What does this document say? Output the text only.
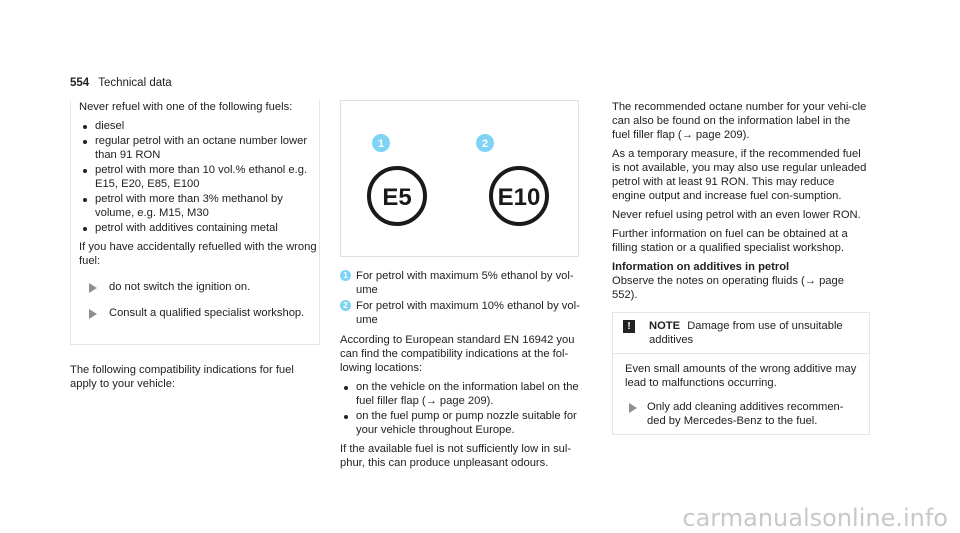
554 Technical data

Never refuel with one of the following fuels:

diesel
regular petrol with an octane number lower than 91 RON
petrol with more than 10 vol.% ethanol e.g. E15, E20, E85, E100
petrol with more than 3% methanol by volume, e.g. M15, M30
petrol with additives containing metal

If you have accidentally refuelled with the wrong fuel:

do not switch the ignition on.
Consult a qualified specialist workshop.

The following compatibility indications for fuel apply to your vehicle:

E5	E10
1	2
1 For petrol with maximum 5% ethanol by vol-ume
2 For petrol with maximum 10% ethanol by vol-ume

According to European standard EN 16942 you can find the compatibility indications at the fol-lowing locations:

on the vehicle on the information label on the fuel filler flap (→ page 209).
on the fuel pump or pump nozzle suitable for your vehicle throughout Europe.

If the available fuel is not sufficiently low in sul-phur, this can produce unpleasant odours.

The recommended octane number for your vehi-cle can also be found on the information label in the fuel filler flap (→ page 209).

As a temporary measure, if the recommended fuel is not available, you may also use regular unleaded petrol with at least 91 RON. This may reduce engine output and increase fuel con-sumption.

Never refuel using petrol with an even lower RON.

Further information on fuel can be obtained at a filling station or a qualified specialist workshop.

Information on additives in petrol

Observe the notes on operating fluids (→ page 552).

!	NOTE Damage from use of unsuitable additives
Even small amounts of the wrong additive may lead to malfunctions occurring.
Only add cleaning additives recommen-ded by Mercedes-Benz to the fuel.
carmanualsonline.info
